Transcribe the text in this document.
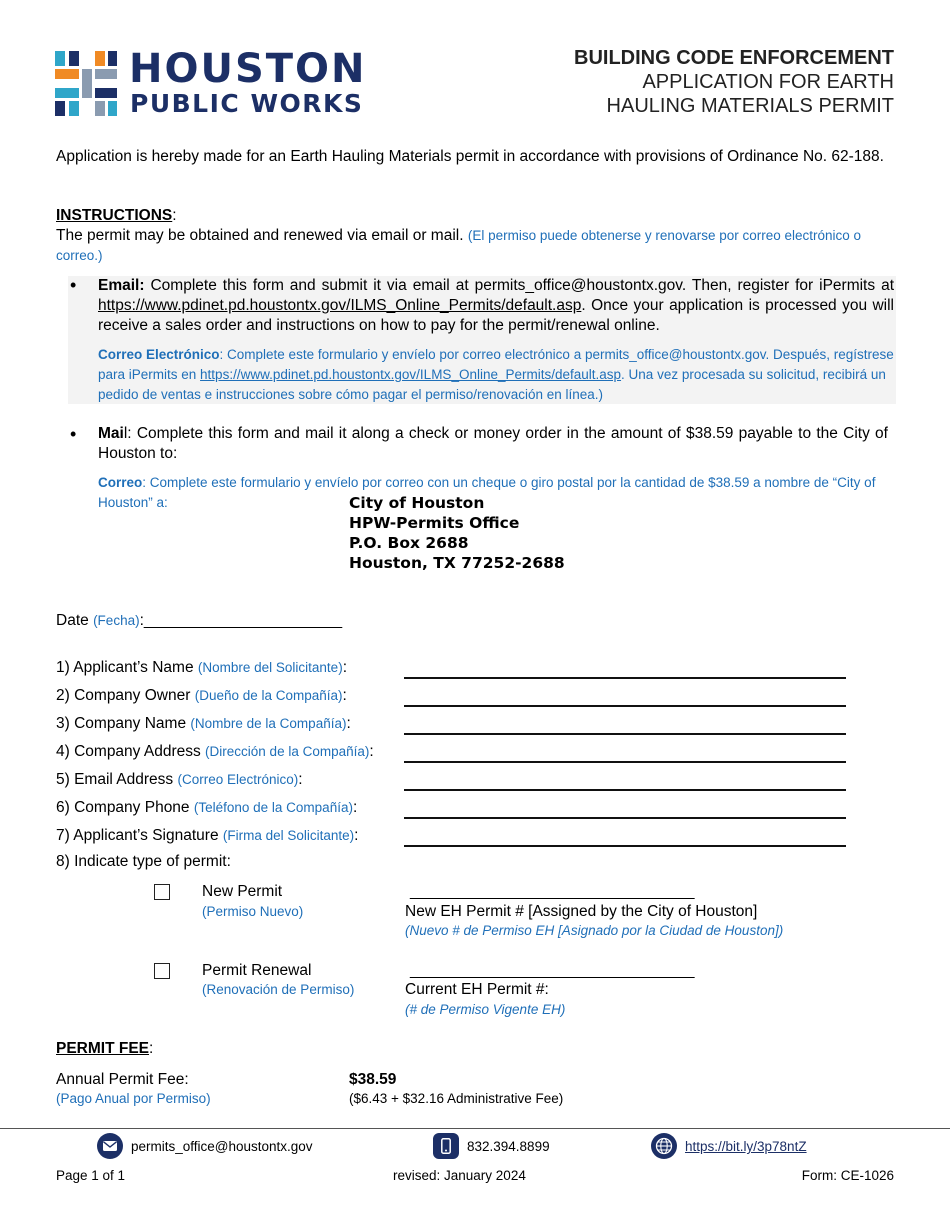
HOUSTON
PUBLIC WORKS
BUILDING CODE ENFORCEMENT
APPLICATION FOR EARTH
HAULING MATERIALS PERMIT
Application is hereby made for an Earth Hauling Materials permit in accordance with provisions of Ordinance No. 62-188.
INSTRUCTIONS:
The permit may be obtained and renewed via email or mail. (El permiso puede obtenerse y renovarse por correo electrónico o correo.)
• Email: Complete this form and submit it via email at permits_office@houstontx.gov. Then, register for iPermits at https://www.pdinet.pd.houstontx.gov/ILMS_Online_Permits/default.asp. Once your application is processed you will receive a sales order and instructions on how to pay for the permit/renewal online.
Correo Electrónico: Complete este formulario y envíelo por correo electrónico a permits_office@houstontx.gov. Después, regístrese para iPermits en https://www.pdinet.pd.houstontx.gov/ILMS_Online_Permits/default.asp. Una vez procesada su solicitud, recibirá un pedido de ventas e instrucciones sobre cómo pagar el permiso/renovación en línea.)
• Mail: Complete this form and mail it along a check or money order in the amount of $38.59 payable to the City of Houston to:
Correo: Complete este formulario y envíelo por correo con un cheque o giro postal por la cantidad de $38.59 a nombre de “City of Houston” a:	City of Houston
HPW-Permits Office
P.O. Box 2688
Houston, TX 77252-2688
Date (Fecha):_______________________
1) Applicant’s Name (Nombre del Solicitante):
2) Company Owner (Dueño de la Compañía):
3) Company Name (Nombre de la Compañía):
4) Company Address (Dirección de la Compañía):
5) Email Address (Correo Electrónico):
6) Company Phone (Teléfono de la Compañía):
7) Applicant’s Signature (Firma del Solicitante):
8) Indicate type of permit:
New Permit
(Permiso Nuevo)
_________________________________
New EH Permit # [Assigned by the City of Houston]
(Nuevo # de Permiso EH [Asignado por la Ciudad de Houston])
Permit Renewal
(Renovación de Permiso)
_________________________________
Current EH Permit #:
(# de Permiso Vigente EH)
PERMIT FEE:
Annual Permit Fee:
(Pago Anual por Permiso)
$38.59
($6.43 + $32.16 Administrative Fee)
permits_office@houstontx.gov	832.394.8899	https://bit.ly/3p78ntZ
Page 1 of 1	revised: January 2024	Form: CE-1026
